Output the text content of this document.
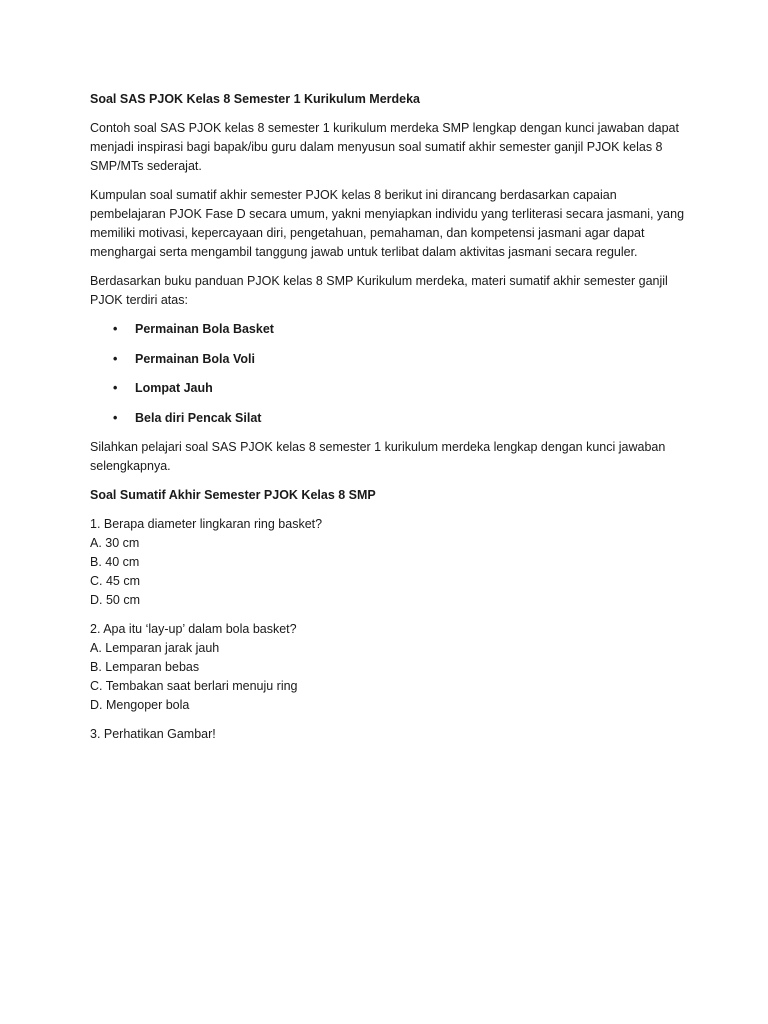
Soal SAS PJOK Kelas 8 Semester 1 Kurikulum Merdeka

Contoh soal SAS PJOK kelas 8 semester 1 kurikulum merdeka SMP lengkap dengan kunci jawaban dapat menjadi inspirasi bagi bapak/ibu guru dalam menyusun soal sumatif akhir semester ganjil PJOK kelas 8 SMP/MTs sederajat.

Kumpulan soal sumatif akhir semester PJOK kelas 8 berikut ini dirancang berdasarkan capaian pembelajaran PJOK Fase D secara umum, yakni menyiapkan individu yang terliterasi secara jasmani, yang memiliki motivasi, kepercayaan diri, pengetahuan, pemahaman, dan kompetensi jasmani agar dapat menghargai serta mengambil tanggung jawab untuk terlibat dalam aktivitas jasmani secara reguler.

Berdasarkan buku panduan PJOK kelas 8 SMP Kurikulum merdeka, materi sumatif akhir semester ganjil PJOK terdiri atas:

• Permainan Bola Basket
• Permainan Bola Voli
• Lompat Jauh
• Bela diri Pencak Silat

Silahkan pelajari soal SAS PJOK kelas 8 semester 1 kurikulum merdeka lengkap dengan kunci jawaban selengkapnya.

Soal Sumatif Akhir Semester PJOK Kelas 8 SMP

1. Berapa diameter lingkaran ring basket?
A. 30 cm
B. 40 cm
C. 45 cm
D. 50 cm
2. Apa itu ‘lay-up’ dalam bola basket?
A. Lemparan jarak jauh
B. Lemparan bebas
C. Tembakan saat berlari menuju ring
D. Mengoper bola
3. Perhatikan Gambar!
